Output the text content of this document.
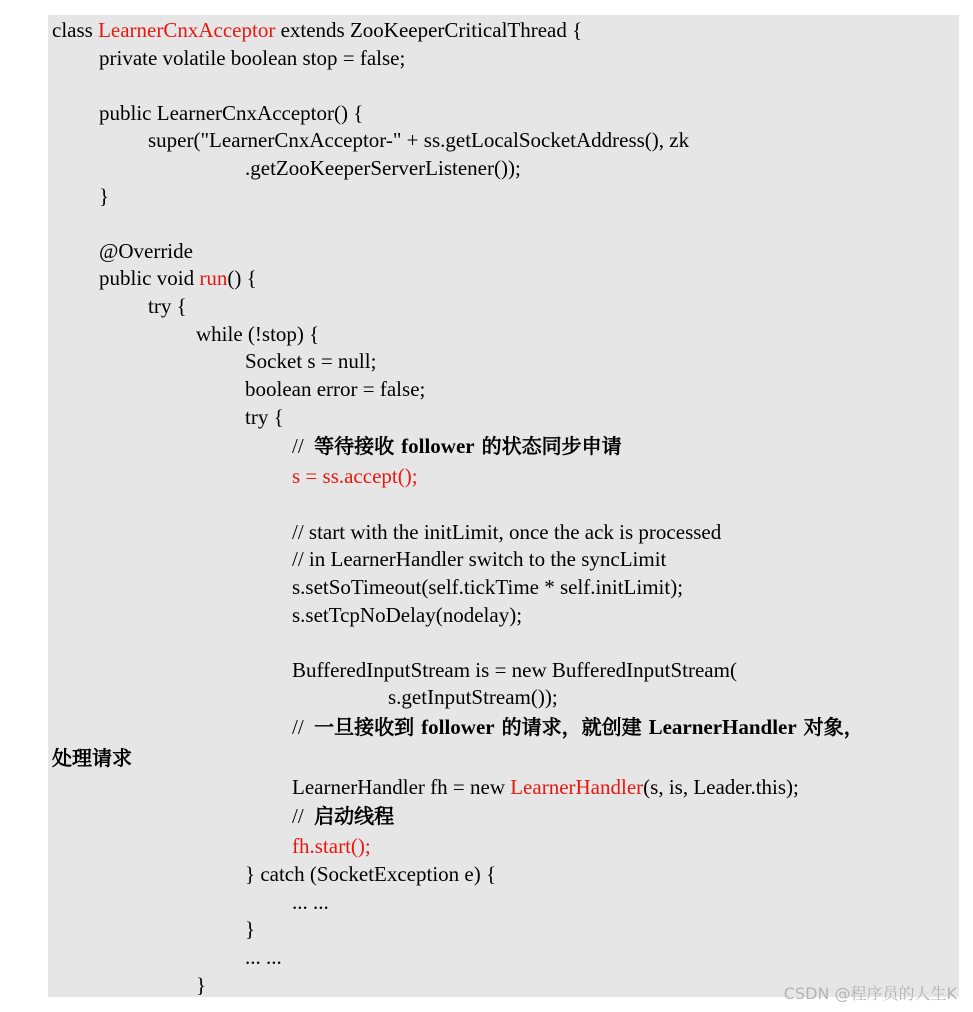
class LearnerCnxAcceptor extends ZooKeeperCriticalThread {
private volatile boolean stop = false;
public LearnerCnxAcceptor() {
super("LearnerCnxAcceptor-" + ss.getLocalSocketAddress(), zk
.getZooKeeperServerListener());
}
@Override
public void run() {
try {
while (!stop) {
Socket s = null;
boolean error = false;
try {
//  等待接收 follower 的状态同步申请
s = ss.accept();
// start with the initLimit, once the ack is processed
// in LearnerHandler switch to the syncLimit
s.setSoTimeout(self.tickTime * self.initLimit);
s.setTcpNoDelay(nodelay);
BufferedInputStream is = new BufferedInputStream(
s.getInputStream());
//  一旦接收到 follower 的请求，就创建 LearnerHandler 对象，
处理请求
LearnerHandler fh = new LearnerHandler(s, is, Leader.this);
//  启动线程
fh.start();
} catch (SocketException e) {
... ...
}
... ...
}	CSDN @程序员的人生K
